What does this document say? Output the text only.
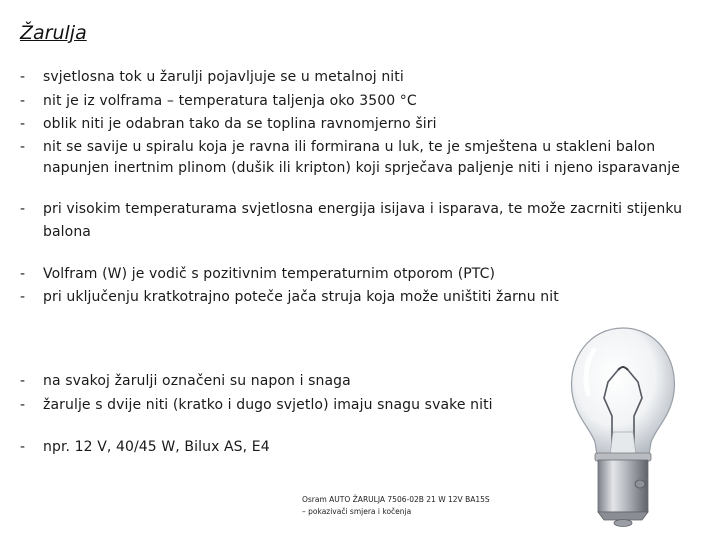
Žarulja
-	svjetlosna tok u žarulji pojavljuje se u metalnoj niti
-	nit je iz volframa – temperatura taljenja oko 3500 °C
-	oblik niti je odabran tako da se toplina ravnomjerno širi
-	nit se savije u spiralu koja je ravna ili formirana u luk, te je smještena u stakleni balon
napunjen inertnim plinom (dušik ili kripton) koji sprječava paljenje niti i njeno isparavanje
-	pri visokim temperaturama svjetlosna energija isijava i isparava, te može zacrniti stijenku
balona
-	Volfram (W) je vodič s pozitivnim temperaturnim otporom (PTC)
-	pri uključenju kratkotrajno poteče jača struja koja može uništiti žarnu nit
-	na svakoj žarulji označeni su napon i snaga
-	žarulje s dvije niti (kratko i dugo svjetlo) imaju snagu svake niti
-	npr. 12 V, 40/45 W, Bilux AS, E4
Osram AUTO ŽARULJA 7506-02B 21 W 12V BA15S
– pokazivači smjera i kočenja
